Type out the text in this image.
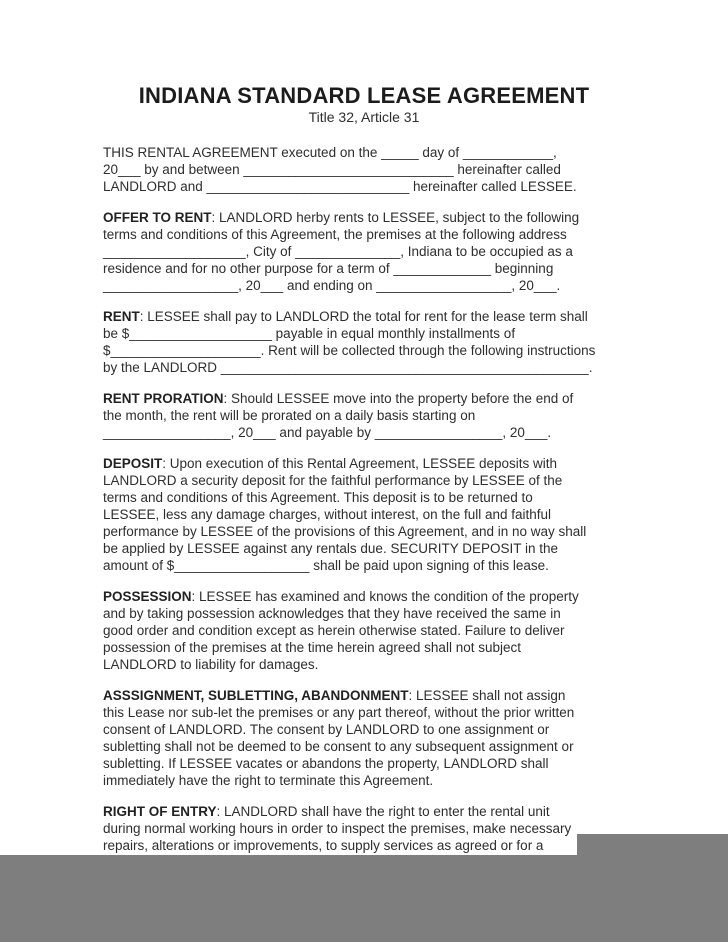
INDIANA STANDARD LEASE AGREEMENT
Title 32, Article 31
THIS RENTAL AGREEMENT executed on the _____ day of ____________,
20___ by and between ____________________________ hereinafter called
LANDLORD and ___________________________ hereinafter called LESSEE.
OFFER TO RENT: LANDLORD herby rents to LESSEE, subject to the following
terms and conditions of this Agreement, the premises at the following address
___________________, City of ______________, Indiana to be occupied as a
residence and for no other purpose for a term of _____________ beginning
__________________, 20___ and ending on __________________, 20___.
RENT: LESSEE shall pay to LANDLORD the total for rent for the lease term shall
be $___________________ payable in equal monthly installments of
$____________________. Rent will be collected through the following instructions
by the LANDLORD _________________________________________________.
RENT PRORATION: Should LESSEE move into the property before the end of
the month, the rent will be prorated on a daily basis starting on
_________________, 20___ and payable by _________________, 20___.
DEPOSIT: Upon execution of this Rental Agreement, LESSEE deposits with
LANDLORD a security deposit for the faithful performance by LESSEE of the
terms and conditions of this Agreement. This deposit is to be returned to
LESSEE, less any damage charges, without interest, on the full and faithful
performance by LESSEE of the provisions of this Agreement, and in no way shall
be applied by LESSEE against any rentals due. SECURITY DEPOSIT in the
amount of $__________________ shall be paid upon signing of this lease.
POSSESSION: LESSEE has examined and knows the condition of the property
and by taking possession acknowledges that they have received the same in
good order and condition except as herein otherwise stated. Failure to deliver
possession of the premises at the time herein agreed shall not subject
LANDLORD to liability for damages.
ASSSIGNMENT, SUBLETTING, ABANDONMENT: LESSEE shall not assign
this Lease nor sub-let the premises or any part thereof, without the prior written
consent of LANDLORD. The consent by LANDLORD to one assignment or
subletting shall not be deemed to be consent to any subsequent assignment or
subletting. If LESSEE vacates or abandons the property, LANDLORD shall
immediately have the right to terminate this Agreement.
RIGHT OF ENTRY: LANDLORD shall have the right to enter the rental unit
during normal working hours in order to inspect the premises, make necessary
repairs, alterations or improvements, to supply services as agreed or for a
